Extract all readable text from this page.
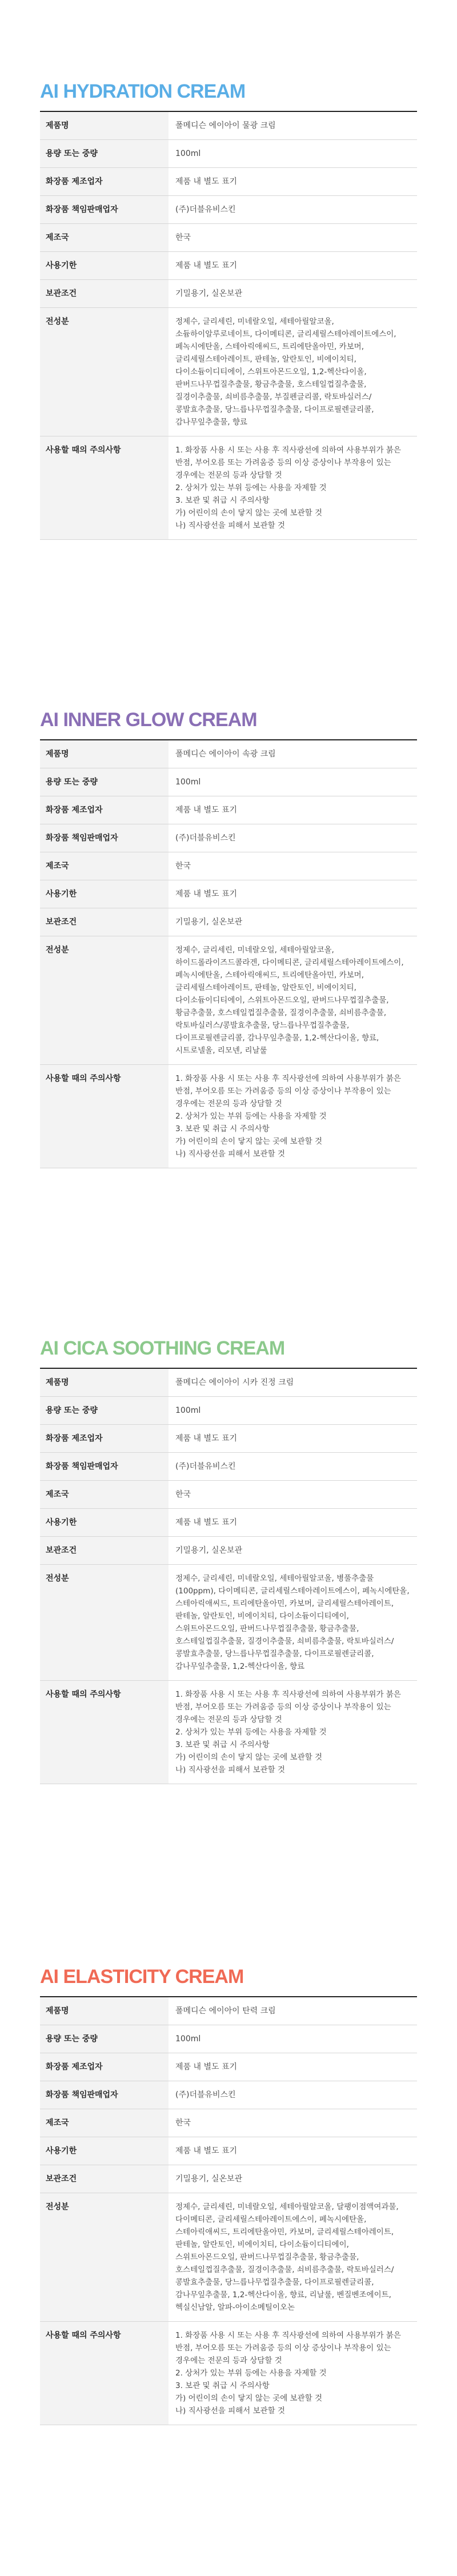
AI HYDRATION CREAM
제품명	폴메디슨 에이아이 물광 크림
용량 또는 중량	100ml
화장품 제조업자	제품 내 별도 표기
화장품 책임판매업자	(주)더블유비스킨
제조국	한국
사용기한	제품 내 별도 표기
보관조건	기밀용기, 실온보관
전성분	정제수, 글리세린, 미네랄오일, 세테아릴알코올, 소듐하이알루로네이트, 다이메티콘, 글리세릴스테아레이트에스이, 페녹시에탄올, 스테아릭애씨드, 트리에탄올아민, 카보머, 글리세릴스테아레이트, 판테놀, 알란토인, 비에이치티, 다이소듐이디티에이, 스위트아몬드오일, 1,2-헥산다이올, 판버드나무껍질추출물, 황금추출물, 호스테일껍질추출물, 질경이추출물, 쇠비름추출물, 부질펜글리콜, 락토바실러스/콩발효추출물, 당느릅나무껍질추출물, 다이프로필렌글리콜, 감나무잎추출물, 향료
사용할 때의 주의사항	1. 화장품 사용 시 또는 사용 후 직사광선에 의하여 사용부위가 붉은 반점, 부어오름 또는 가려움증 등의 이상 증상이나 부작용이 있는 경우에는 전문의 등과 상담할 것
2. 상처가 있는 부위 등에는 사용을 자제할 것
3. 보관 및 취급 시 주의사항
가) 어린이의 손이 닿지 않는 곳에 보관할 것
나) 직사광선을 피해서 보관할 것
AI INNER GLOW CREAM
제품명	폴메디슨 에이아이 속광 크림
용량 또는 중량	100ml
화장품 제조업자	제품 내 별도 표기
화장품 책임판매업자	(주)더블유비스킨
제조국	한국
사용기한	제품 내 별도 표기
보관조건	기밀용기, 실온보관
전성분	정제수, 글리세린, 미네랄오일, 세테아릴알코올, 하이드롤라이즈드콜라겐, 다이메티콘, 글리세릴스테아레이트에스이, 페녹시에탄올, 스테아릭애씨드, 트리에탄올아민, 카보머, 글리세릴스테아레이트, 판테놀, 알란토인, 비에이치티, 다이소듐이디티에이, 스위트아몬드오일, 판버드나무껍질추출물, 황금추출물, 호스테일껍질추출물, 질경이추출물, 쇠비름추출물, 락토바실러스/콩발효추출물, 당느릅나무껍질추출물, 다이프로필렌글리콜, 감나무잎추출물, 1,2-헥산다이올, 향료, 시트로넬올, 리모넨, 리날룰
사용할 때의 주의사항	1. 화장품 사용 시 또는 사용 후 직사광선에 의하여 사용부위가 붉은 반점, 부어오름 또는 가려움증 등의 이상 증상이나 부작용이 있는 경우에는 전문의 등과 상담할 것
2. 상처가 있는 부위 등에는 사용을 자제할 것
3. 보관 및 취급 시 주의사항
가) 어린이의 손이 닿지 않는 곳에 보관할 것
나) 직사광선을 피해서 보관할 것
AI CICA SOOTHING CREAM
제품명	폴메디슨 에이아이 시카 진정 크림
용량 또는 중량	100ml
화장품 제조업자	제품 내 별도 표기
화장품 책임판매업자	(주)더블유비스킨
제조국	한국
사용기한	제품 내 별도 표기
보관조건	기밀용기, 실온보관
전성분	정제수, 글리세린, 미네랄오일, 세테아릴알코올, 병풀추출물(100ppm), 다이메티콘, 글리세릴스테아레이트에스이, 페녹시에탄올, 스테아릭애씨드, 트리에탄올아민, 카보머, 글리세릴스테아레이트, 판테놀, 알란토인, 비에이치티, 다이소듐이디티에이, 스위트아몬드오일, 판버드나무껍질추출물, 황금추출물, 호스테일껍질추출물, 질경이추출물, 쇠비름추출물, 락토바실러스/콩발효추출물, 당느릅나무껍질추출물, 다이프로필렌글리콜, 감나무잎추출물, 1,2-헥산다이올, 향료
사용할 때의 주의사항	1. 화장품 사용 시 또는 사용 후 직사광선에 의하여 사용부위가 붉은 반점, 부어오름 또는 가려움증 등의 이상 증상이나 부작용이 있는 경우에는 전문의 등과 상담할 것
2. 상처가 있는 부위 등에는 사용을 자제할 것
3. 보관 및 취급 시 주의사항
가) 어린이의 손이 닿지 않는 곳에 보관할 것
나) 직사광선을 피해서 보관할 것
AI ELASTICITY CREAM
제품명	폴메디슨 에이아이 탄력 크림
용량 또는 중량	100ml
화장품 제조업자	제품 내 별도 표기
화장품 책임판매업자	(주)더블유비스킨
제조국	한국
사용기한	제품 내 별도 표기
보관조건	기밀용기, 실온보관
전성분	정제수, 글리세린, 미네랄오일, 세테아릴알코올, 달팽이점액여과물, 다이메티콘, 글리세릴스테아레이트에스이, 페녹시에탄올, 스테아릭애씨드, 트리에탄올아민, 카보머, 글리세릴스테아레이트, 판테놀, 알란토인, 비에이치티, 다이소듐이디티에이, 스위트아몬드오일, 판버드나무껍질추출물, 황금추출물, 호스테일껍질추출물, 질경이추출물, 쇠비름추출물, 락토바실러스/콩발효추출물, 당느릅나무껍질추출물, 다이프로필렌글리콜, 감나무잎추출물, 1,2-헥산다이올, 향료, 리날룰, 벤질벤조에이트, 헥실신남알, 알파-아이소메틸이오논
사용할 때의 주의사항	1. 화장품 사용 시 또는 사용 후 직사광선에 의하여 사용부위가 붉은 반점, 부어오름 또는 가려움증 등의 이상 증상이나 부작용이 있는 경우에는 전문의 등과 상담할 것
2. 상처가 있는 부위 등에는 사용을 자제할 것
3. 보관 및 취급 시 주의사항
가) 어린이의 손이 닿지 않는 곳에 보관할 것
나) 직사광선을 피해서 보관할 것
